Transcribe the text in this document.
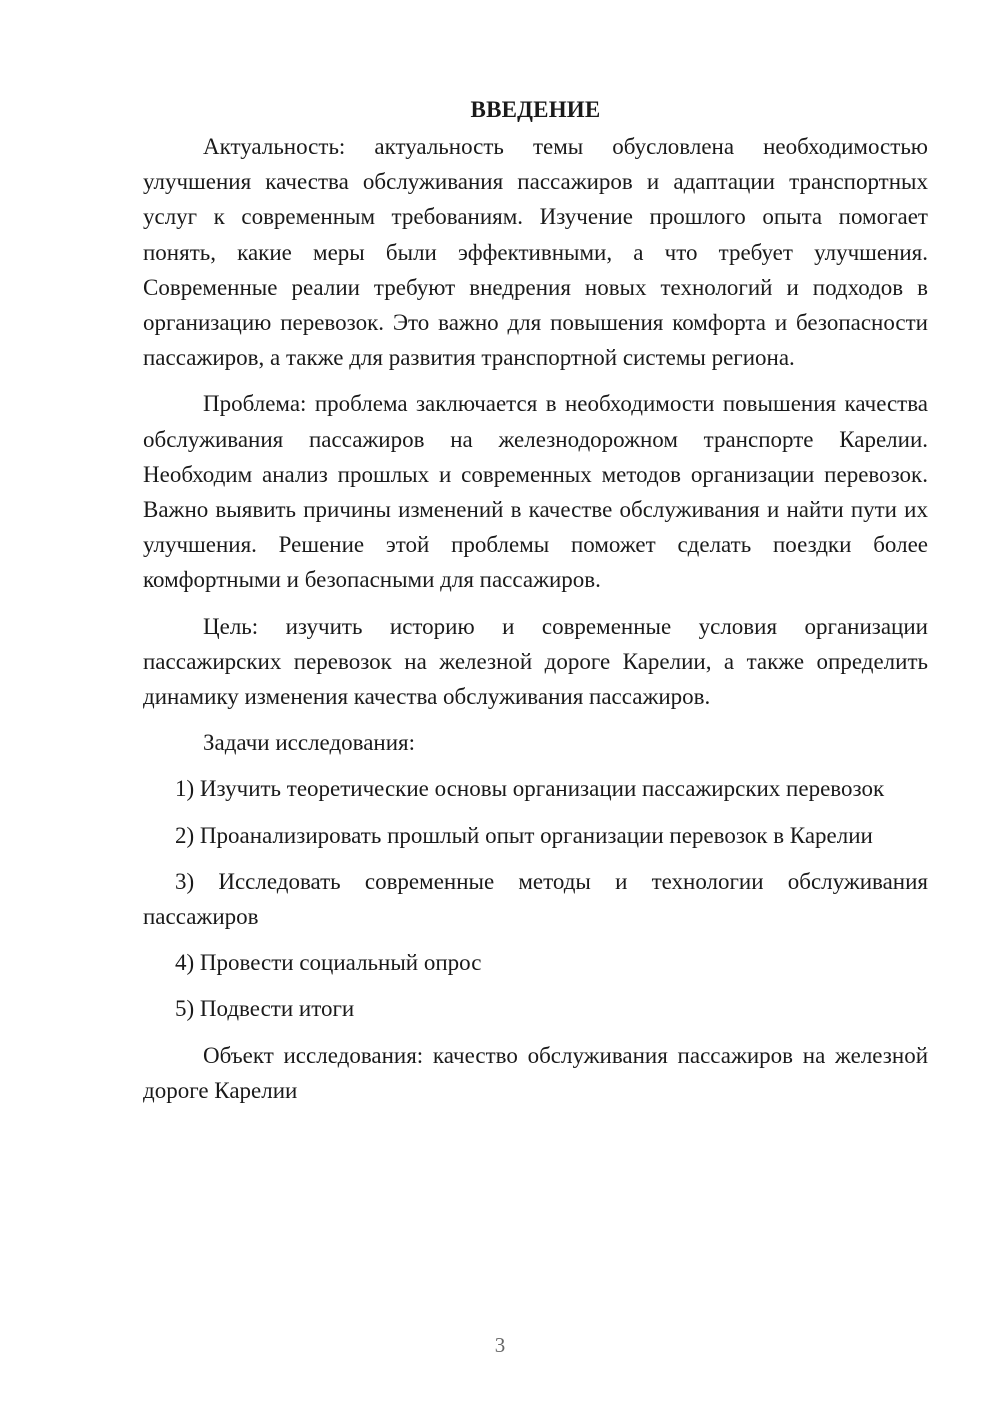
ВВЕДЕНИЕ

Актуальность: актуальность темы обусловлена необходимостью улучшения качества обслуживания пассажиров и адаптации транспортных услуг к современным требованиям. Изучение прошлого опыта помогает понять, какие меры были эффективными, а что требует улучшения. Современные реалии требуют внедрения новых технологий и подходов в организацию перевозок. Это важно для повышения комфорта и безопасности пассажиров, а также для развития транспортной системы региона.

Проблема: проблема заключается в необходимости повышения качества обслуживания пассажиров на железнодорожном транспорте Карелии. Необходим анализ прошлых и современных методов организации перевозок. Важно выявить причины изменений в качестве обслуживания и найти пути их улучшения. Решение этой проблемы поможет сделать поездки более комфортными и безопасными для пассажиров.

Цель: изучить историю и современные условия организации пассажирских перевозок на железной дороге Карелии, а также определить динамику изменения качества обслуживания пассажиров.

Задачи исследования:

1) Изучить теоретические основы организации пассажирских перевозок

2) Проанализировать прошлый опыт организации перевозок в Карелии

3) Исследовать современные методы и технологии обслуживания пассажиров

4) Провести социальный опрос

5) Подвести итоги

Объект исследования: качество обслуживания пассажиров на железной дороге Карелии

3
